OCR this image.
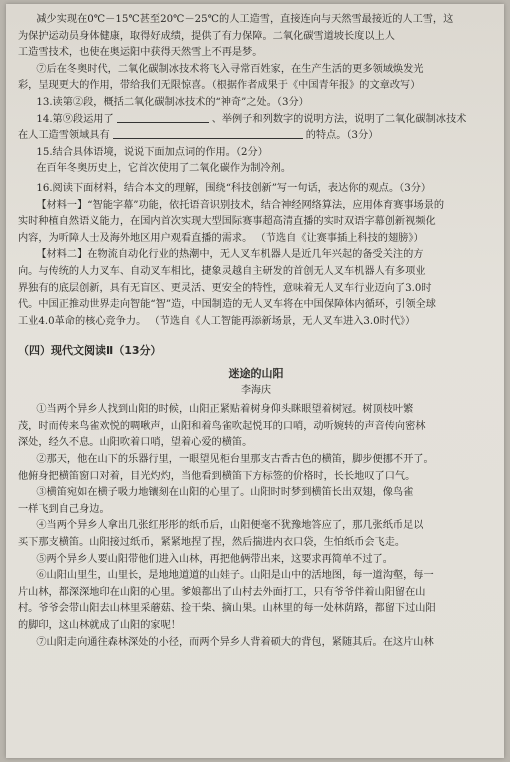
减少实现在0℃－15℃甚至20℃－25℃的人工造雪，直接连向与天然雪最接近的人工雪，这
为保护运动员身体健康，取得好成绩，提供了有力保障。二氧化碳雪道坡长度以上人
工造雪技术，也使在奥运阳中获得天然雪上不再是梦。
⑦后在冬奥时代，二氧化碳制冰技术将飞入寻常百姓家，在生产生活的更多领域焕发光
彩，呈现更大的作用，带给我们无限惊喜。（根据作者成果于《中国青年报》的文章改写）
13.读第②段，概括二氧化碳制冰技术的“神奇”之处。（3分）
14.第⑨段运用了	、举例子和列数字的说明方法，说明了二氧化碳制冰技术
在人工造雪领域具有	的特点。（3分）
15.结合具体语境，说说下面加点词的作用。（2分）
在百年冬奥历史上，它首次使用了二氧化碳作为制冷剂。
16.阅读下面材料，结合本文的理解，围绕“科技创新”写一句话，表达你的观点。（3分）
【材料一】“智能字幕”功能，依托语音识别技术，结合神经网络算法，应用体育赛事场景的
实时种植自然语义能力，在国内首次实现大型国际赛事超高清直播的实时双语字幕创新视频化
内容，为听障人士及海外地区用户观看直播的需求。 （节选自《让赛事插上科技的翅膀》）
【材料二】在物流自动化行业的热潮中，无人叉车机器人是近几年兴起的备受关注的方
向。与传统的人力叉车、自动叉车相比，捷象灵越自主研发的首创无人叉车机器人有多项业
界独有的底层创新，具有无盲区、更灵活、更安全的特性，意味着无人叉车行业迈向了3.0时
代。中国正推动世界走向智能“智”造，中国制造的无人叉车将在中国保障体内循环，引领全球
工业4.0革命的核心竞争力。 （节选自《人工智能再添新场景，无人叉车进入3.0时代》）
（四）现代文阅读Ⅱ（13分）
迷途的山阳
李海庆
①当两个异乡人找到山阳的时候，山阳正紧贴着树身仰头眯眼望着树冠。树顶枝叶繁
茂，时而传来鸟雀欢悦的啁啾声，山阳和着鸟雀吹起悦耳的口哨，动听婉转的声音传向密林
深处，经久不息。山阳吹着口哨，望着心爱的横笛。
②那天，他在山下的乐器行里，一眼望见柜台里那支古香古色的横笛，脚步便挪不开了。
他俯身把横笛窗口对着，目光灼灼，当他看到横笛下方标签的价格时，长长地叹了口气。
③横笛宛如在横子吸力地镶刻在山阳的心里了。山阳时时梦到横笛长出双翅，像鸟雀
一样飞到自己身边。
④当两个异乡人拿出几张红彤彤的纸币后，山阳便毫不犹豫地答应了，那几张纸币足以
买下那支横笛。山阳接过纸币，紧紧地捏了捏，然后揣进内衣口袋，生怕纸币会飞走。
⑤两个异乡人要山阳带他们进入山林，再把他俩带出来，这要求再简单不过了。
⑥山阳山里生，山里长，是地地道道的山娃子。山阳是山中的活地图，每一道沟壑，每一
片山林，都深深地印在山阳的心里。爹娘都出了山村去外面打工，只有爷爷伴着山阳留在山
村。爷爷会带山阳去山林里采蘑菇、捡干柴、摘山果。山林里的每一处林荫路，都留下过山阳
的脚印，这山林就成了山阳的家呢！
⑦山阳走向通往森林深处的小径，而两个异乡人背着硕大的背包，紧随其后。在这片山林
